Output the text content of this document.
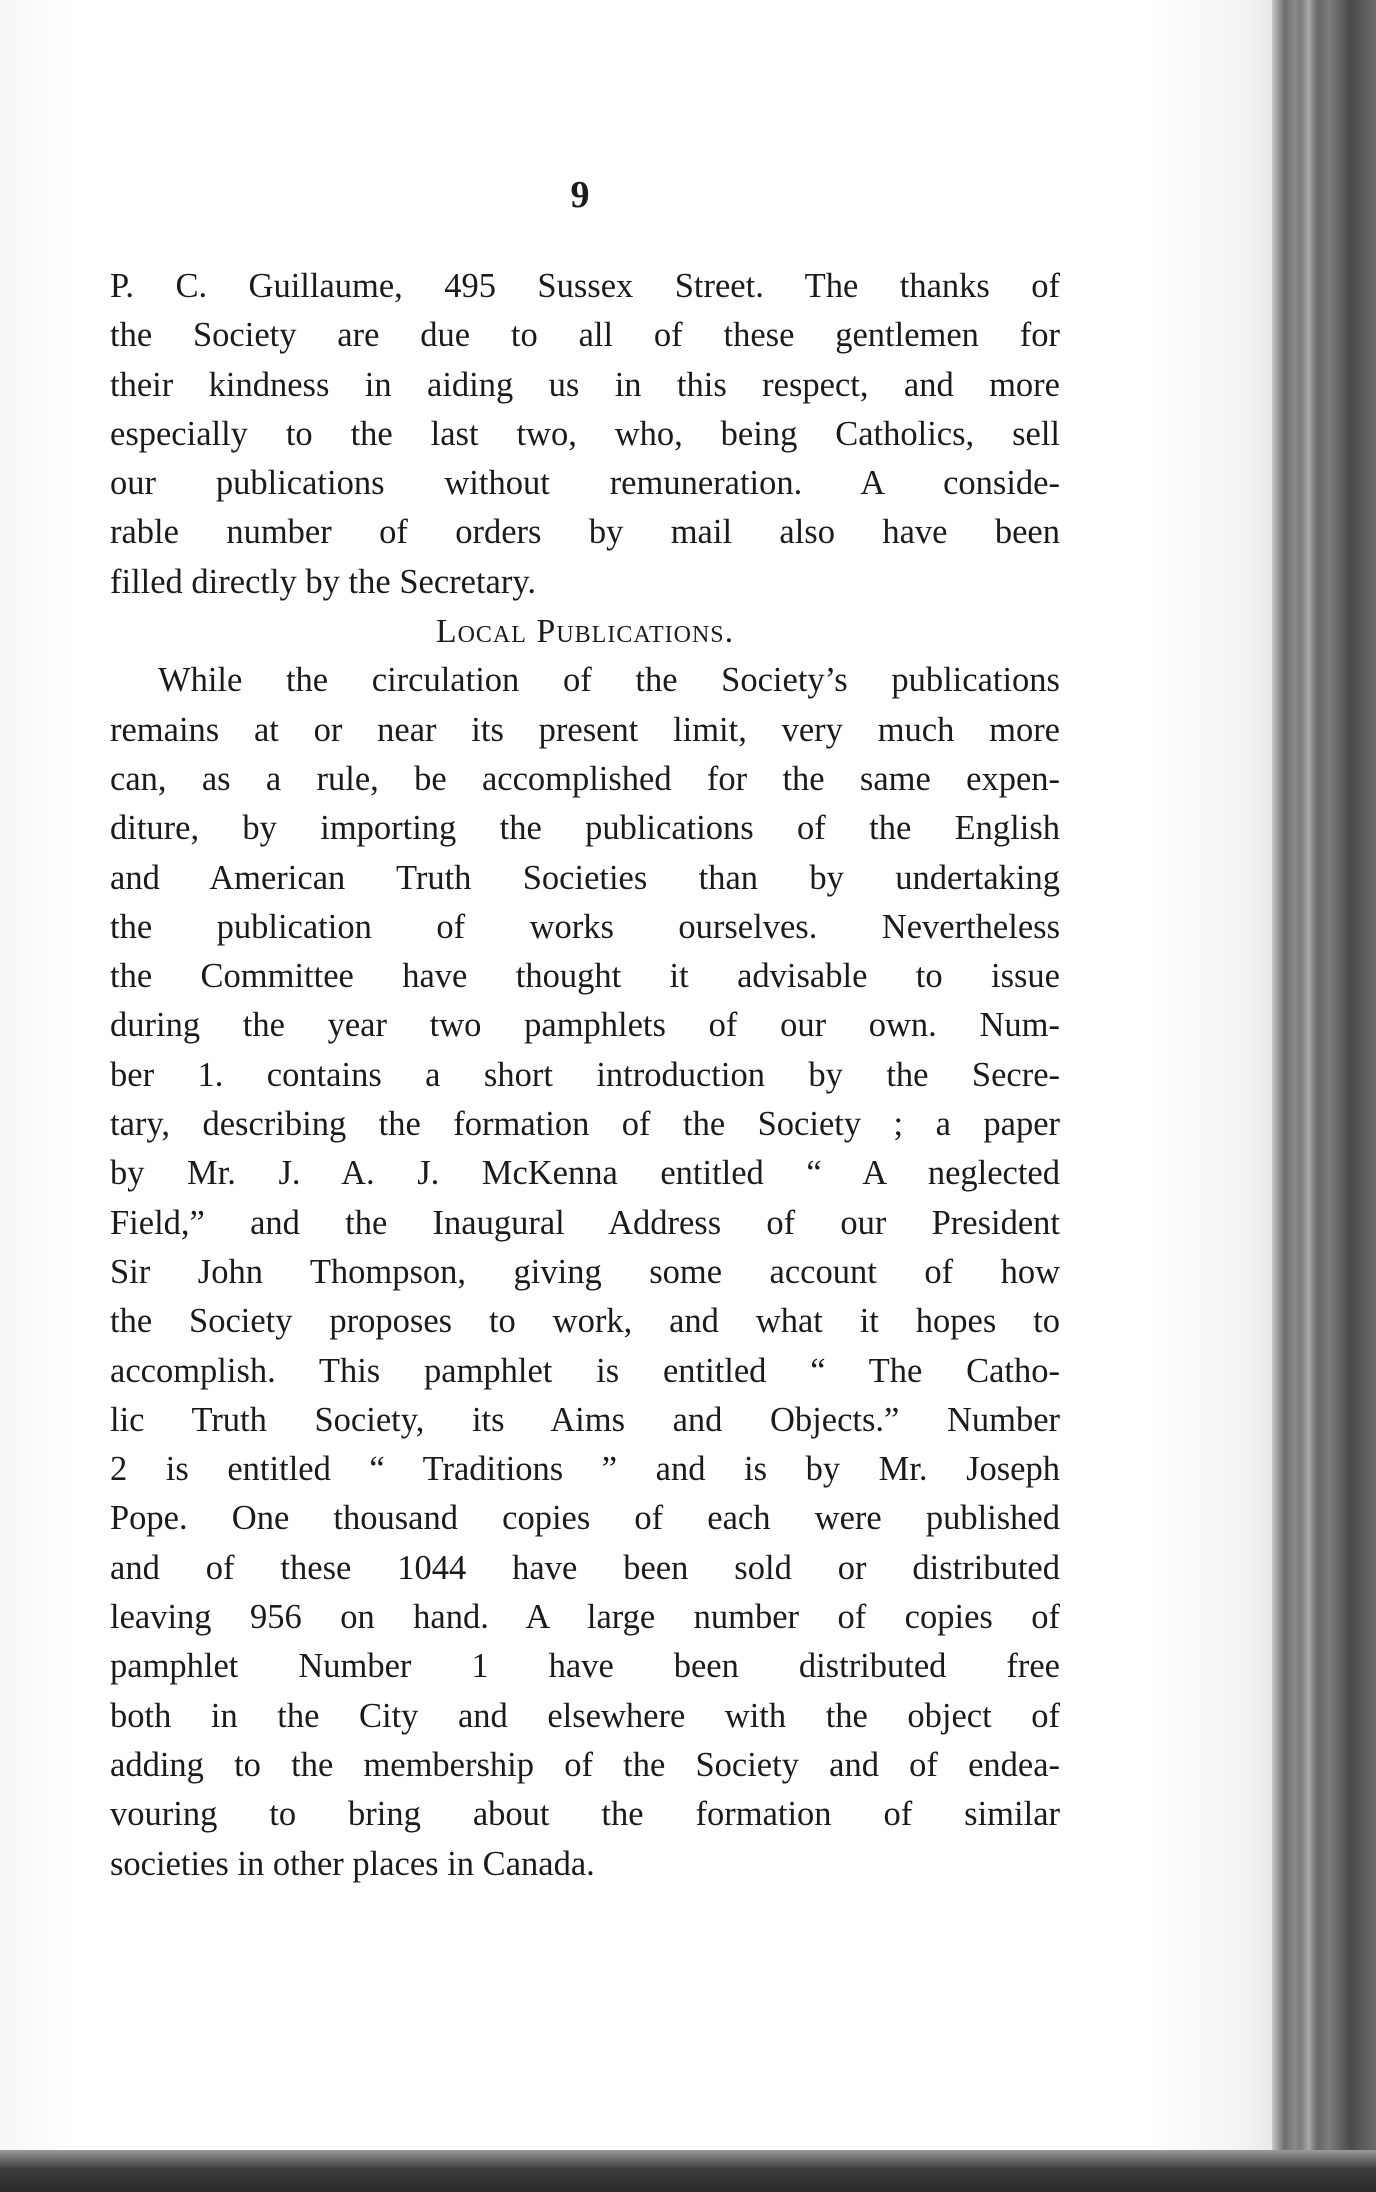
9
P. C. Guillaume, 495 Sussex Street. The thanks of
the Society are due to all of these gentlemen for
their kindness in aiding us in this respect, and more
especially to the last two, who, being Catholics, sell
our publications without remuneration. A conside-
rable number of orders by mail also have been
filled directly by the Secretary.
Local Publications.
While the circulation of the Society’s publications
remains at or near its present limit, very much more
can, as a rule, be accomplished for the same expen-
diture, by importing the publications of the English
and American Truth Societies than by undertaking
the publication of works ourselves. Nevertheless
the Committee have thought it advisable to issue
during the year two pamphlets of our own. Num-
ber 1. contains a short introduction by the Secre-
tary, describing the formation of the Society ; a paper
by Mr. J. A. J. McKenna entitled “ A neglected
Field,” and the Inaugural Address of our President
Sir John Thompson, giving some account of how
the Society proposes to work, and what it hopes to
accomplish. This pamphlet is entitled “ The Catho-
lic Truth Society, its Aims and Objects.” Number
2 is entitled “ Traditions ” and is by Mr. Joseph
Pope. One thousand copies of each were published
and of these 1044 have been sold or distributed
leaving 956 on hand. A large number of copies of
pamphlet Number 1 have been distributed free
both in the City and elsewhere with the object of
adding to the membership of the Society and of endea-
vouring to bring about the formation of similar
societies in other places in Canada.
